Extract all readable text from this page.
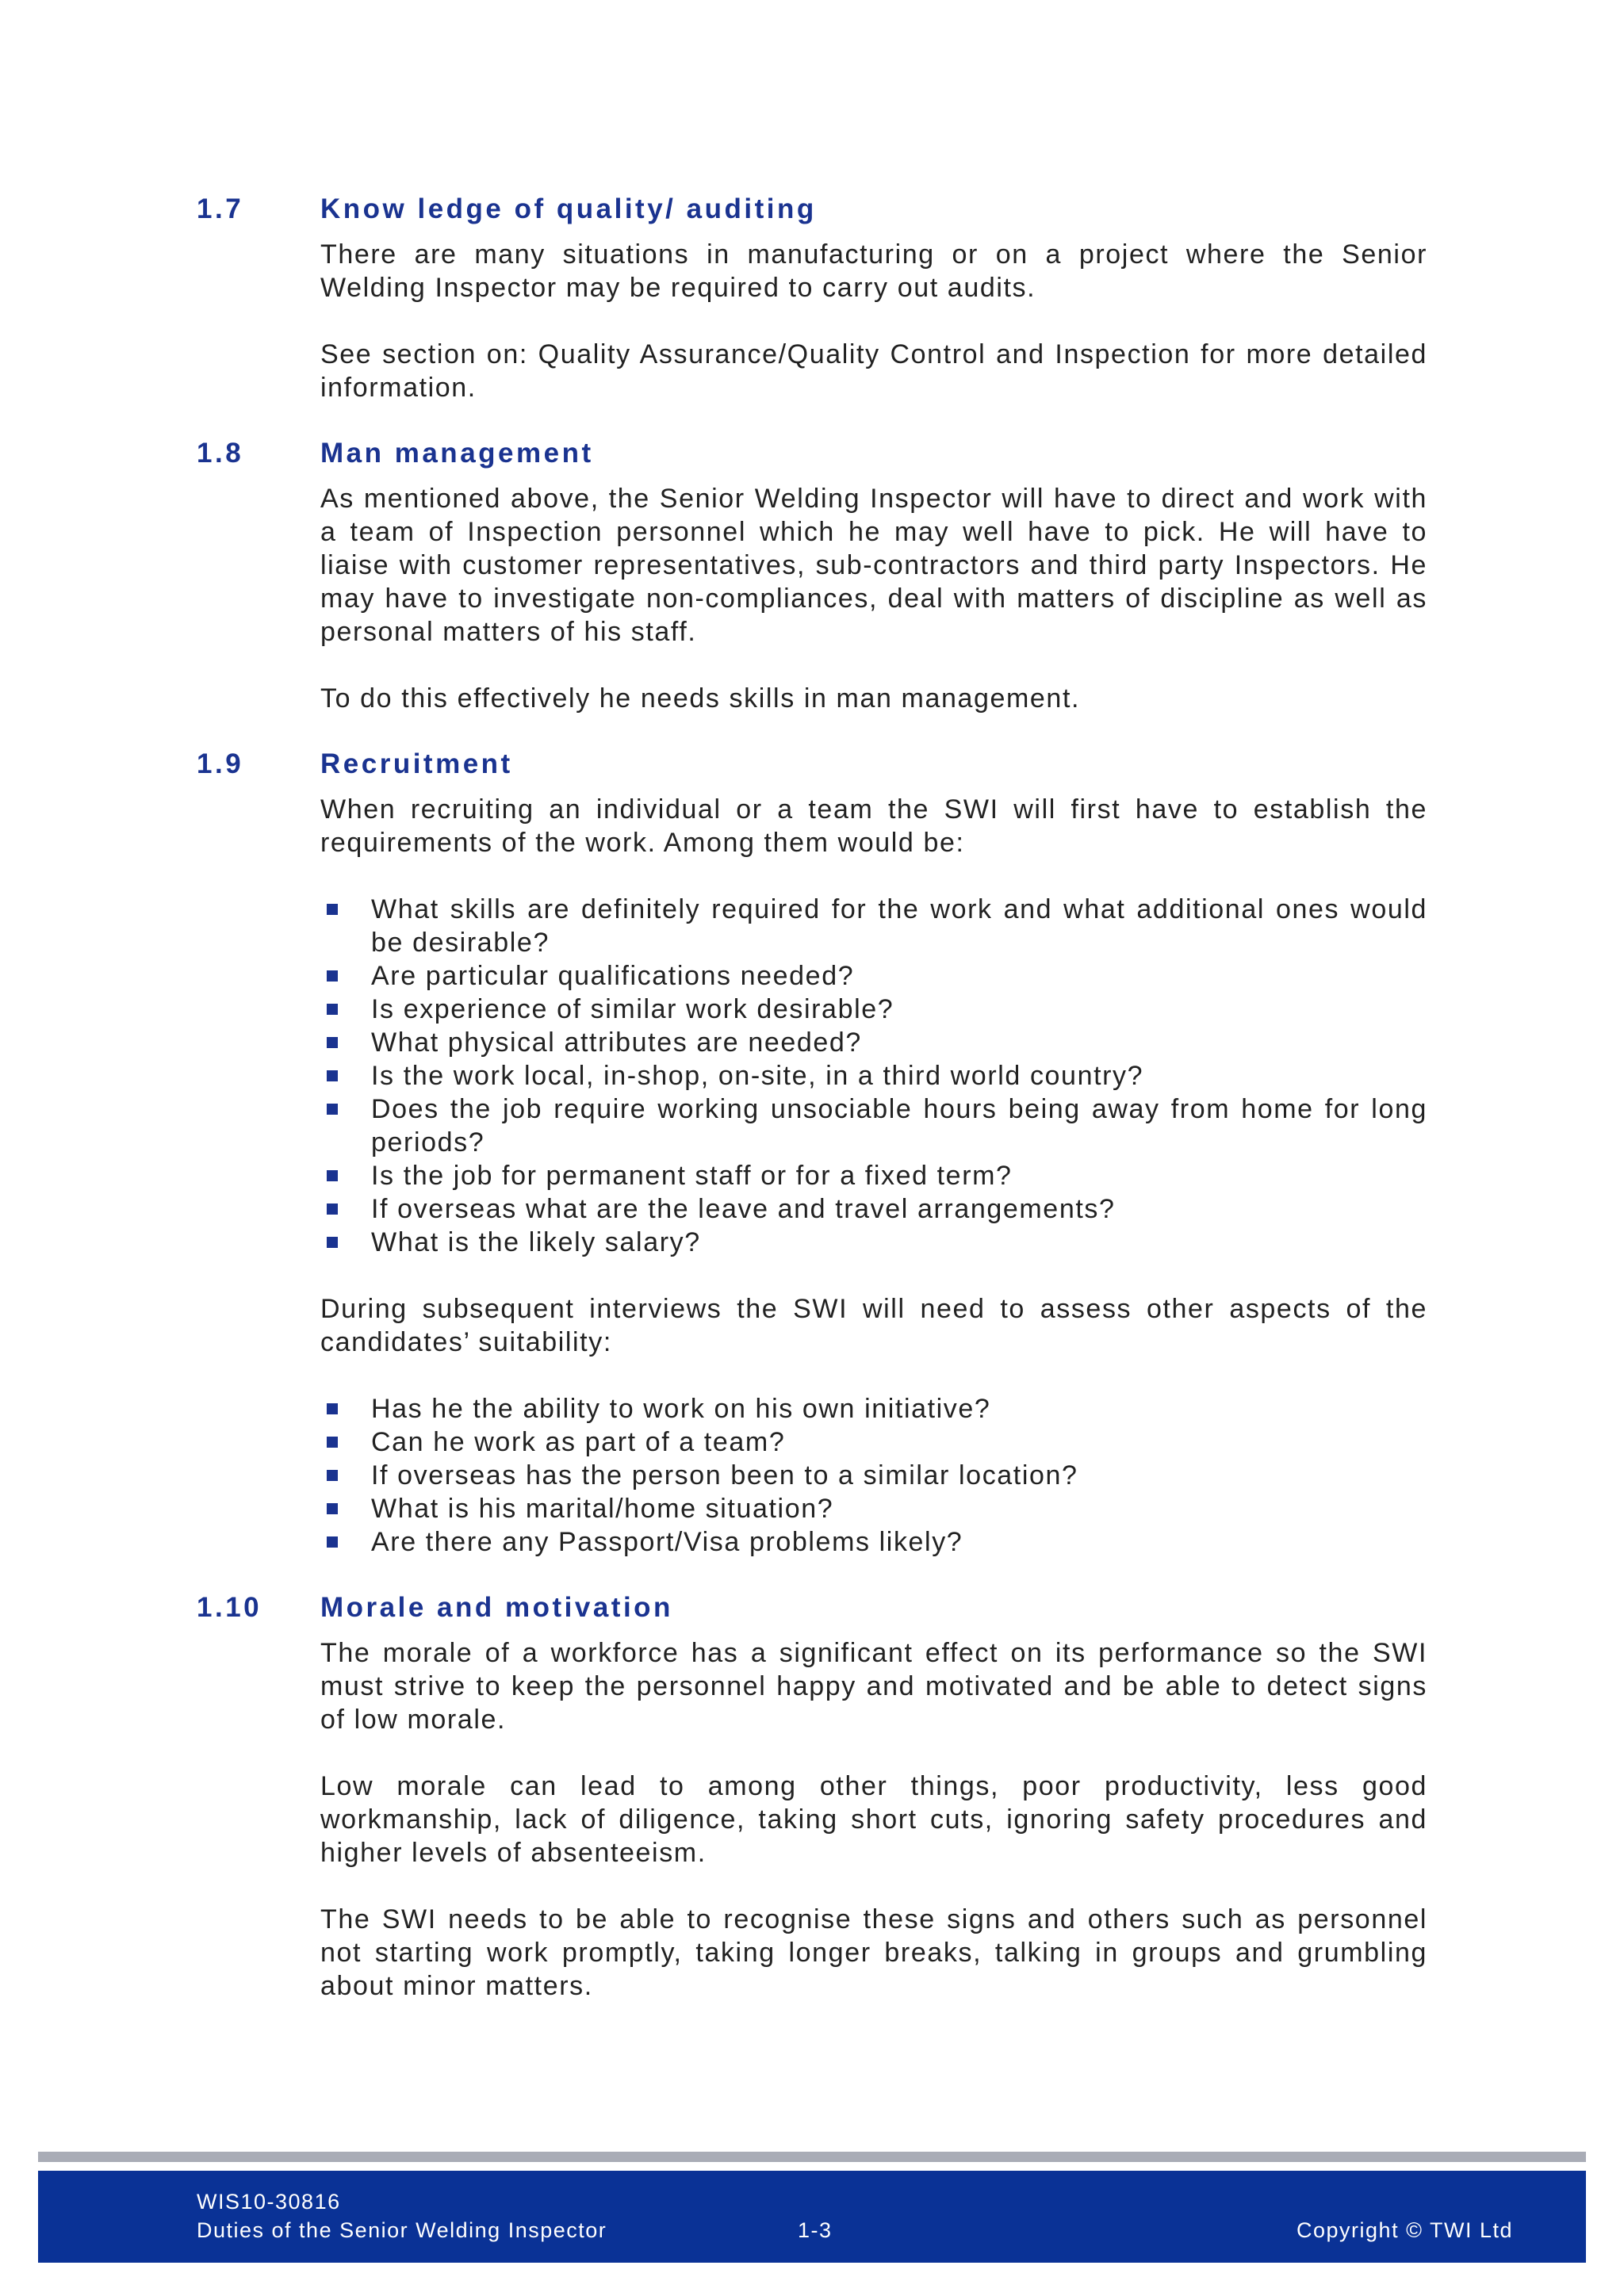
1.7	Know ledge of quality/ auditing

There are many situations in manufacturing or on a project where the Senior Welding Inspector may be required to carry out audits.

See section on: Quality Assurance/Quality Control and Inspection for more detailed information.

1.8	Man management

As mentioned above, the Senior Welding Inspector will have to direct and work with a team of Inspection personnel which he may well have to pick. He will have to liaise with customer representatives, sub-contractors and third party Inspectors. He may have to investigate non-compliances, deal with matters of discipline as well as personal matters of his staff.

To do this effectively he needs skills in man management.

1.9	Recruitment

When recruiting an individual or a team the SWI will first have to establish the requirements of the work. Among them would be:

What skills are definitely required for the work and what additional ones would be desirable?
Are particular qualifications needed?
Is experience of similar work desirable?
What physical attributes are needed?
Is the work local, in-shop, on-site, in a third world country?
Does the job require working unsociable hours being away from home for long periods?
Is the job for permanent staff or for a fixed term?
If overseas what are the leave and travel arrangements?
What is the likely salary?

During subsequent interviews the SWI will need to assess other aspects of the candidates’ suitability:

Has he the ability to work on his own initiative?
Can he work as part of a team?
If overseas has the person been to a similar location?
What is his marital/home situation?
Are there any Passport/Visa problems likely?
1.10 Morale and motivation

The morale of a workforce has a significant effect on its performance so the SWI must strive to keep the personnel happy and motivated and be able to detect signs of low morale.

Low morale can lead to among other things, poor productivity, less good workmanship, lack of diligence, taking short cuts, ignoring safety procedures and higher levels of absenteeism.

The SWI needs to be able to recognise these signs and others such as personnel not starting work promptly, taking longer breaks, talking in groups and grumbling about minor matters.

WIS10-30816
Duties of the Senior Welding Inspector	1-3	Copyright © TWI Ltd
